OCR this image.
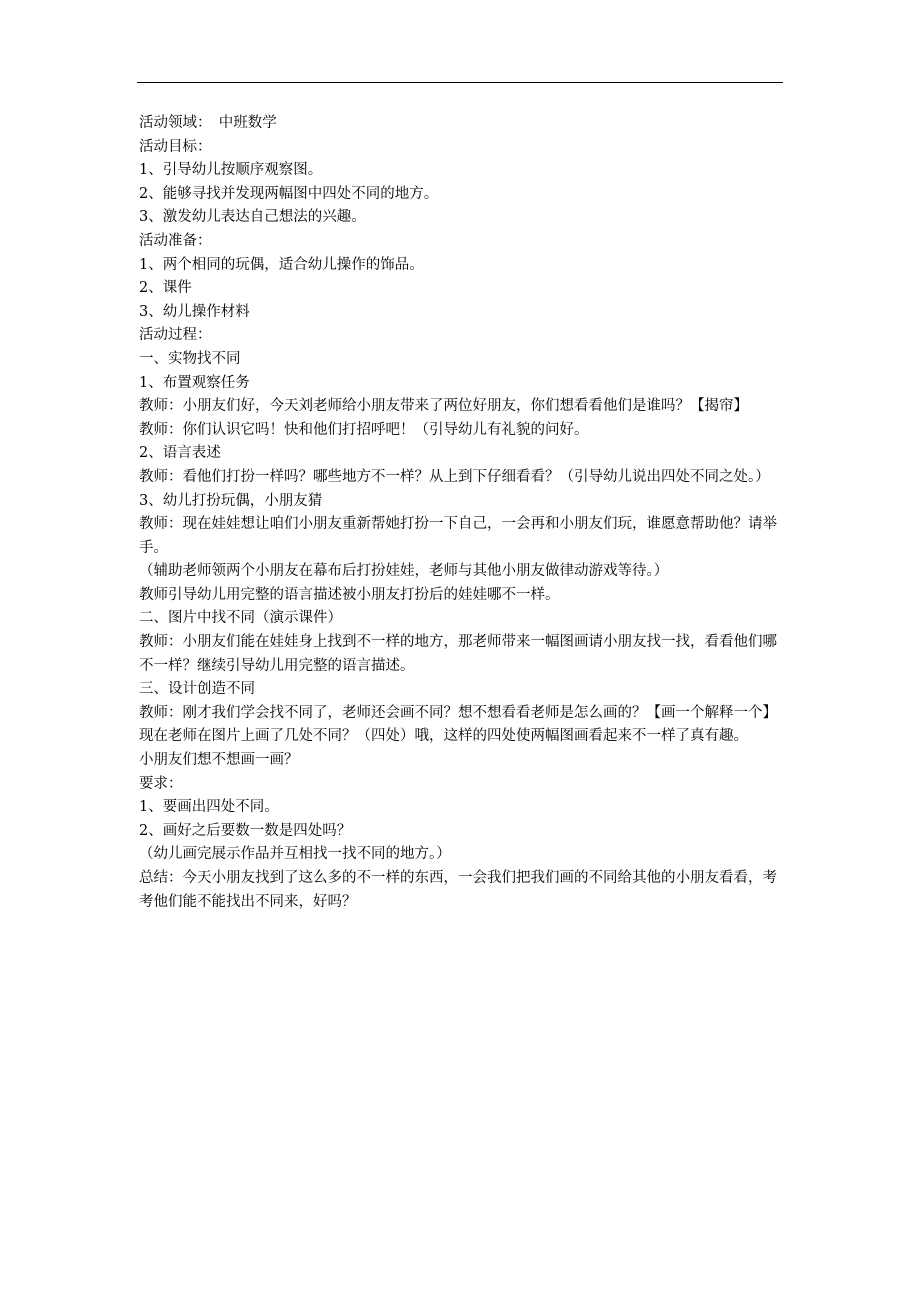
活动领域：　中班数学
活动目标：
1、引导幼儿按顺序观察图。
2、能够寻找并发现两幅图中四处不同的地方。
3、激发幼儿表达自己想法的兴趣。
活动准备：
1、两个相同的玩偶，适合幼儿操作的饰品。
2、课件
3、幼儿操作材料
活动过程：
一、实物找不同
1、布置观察任务
教师：小朋友们好，今天刘老师给小朋友带来了两位好朋友，你们想看看他们是谁吗？【揭帘】
教师：你们认识它吗！快和他们打招呼吧！（引导幼儿有礼貌的问好。
2、语言表述
教师：看他们打扮一样吗？哪些地方不一样？从上到下仔细看看？（引导幼儿说出四处不同之处。）
3、幼儿打扮玩偶，小朋友猜
教师：现在娃娃想让咱们小朋友重新帮她打扮一下自己，一会再和小朋友们玩，谁愿意帮助他？请举手。
（辅助老师领两个小朋友在幕布后打扮娃娃，老师与其他小朋友做律动游戏等待。）
教师引导幼儿用完整的语言描述被小朋友打扮后的娃娃哪不一样。
二、图片中找不同（演示课件）
教师：小朋友们能在娃娃身上找到不一样的地方，那老师带来一幅图画请小朋友找一找，看看他们哪不一样？继续引导幼儿用完整的语言描述。
三、设计创造不同
教师：刚才我们学会找不同了，老师还会画不同？想不想看看老师是怎么画的？【画一个解释一个】现在老师在图片上画了几处不同？（四处）哦，这样的四处使两幅图画看起来不一样了真有趣。
小朋友们想不想画一画？
要求：
1、要画出四处不同。
2、画好之后要数一数是四处吗？
（幼儿画完展示作品并互相找一找不同的地方。）
总结：今天小朋友找到了这么多的不一样的东西，一会我们把我们画的不同给其他的小朋友看看，考考他们能不能找出不同来，好吗？
